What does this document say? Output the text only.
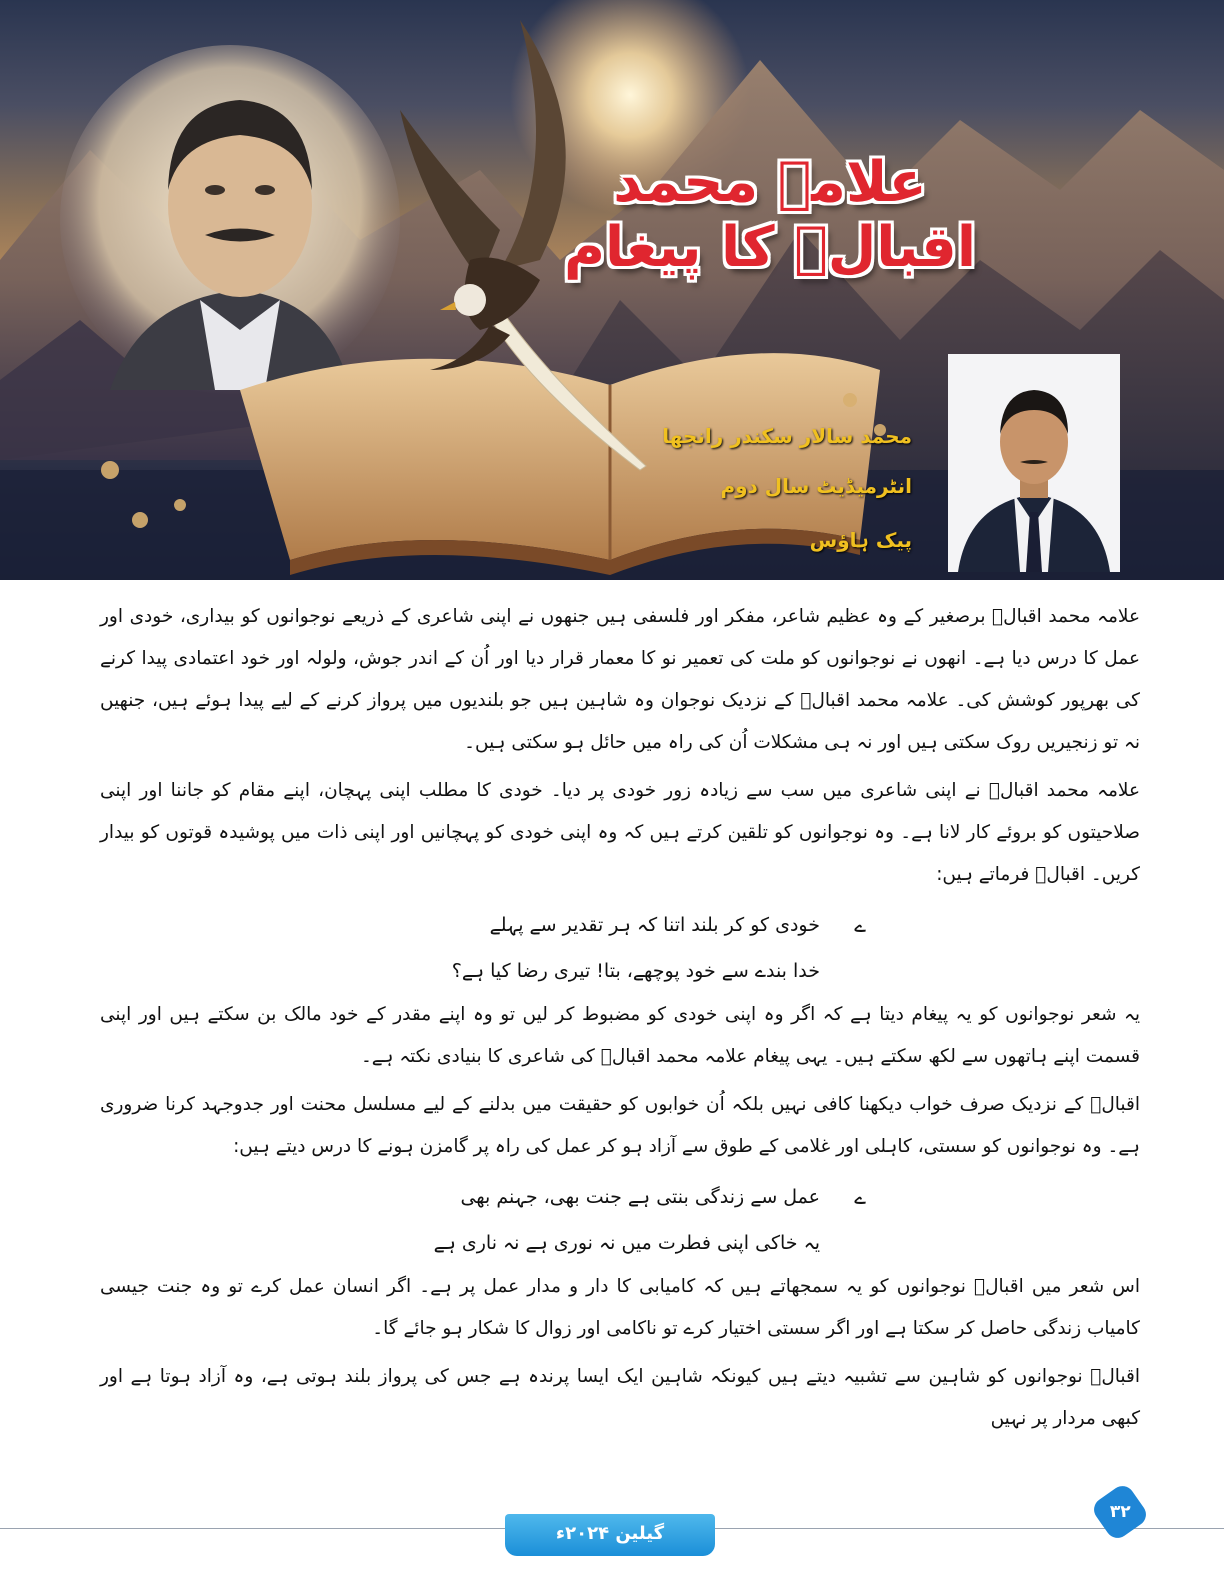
علامہ محمد اقبالؒ کا پیغام
محمد سالار سکندر رانجھا
انٹرمیڈیٹ سال دوم
پیک ہاؤس

علامہ محمد اقبالؒ برصغیر کے وہ عظیم شاعر، مفکر اور فلسفی ہیں جنھوں نے اپنی شاعری کے ذریعے نوجوانوں کو بیداری، خودی اور عمل کا درس دیا ہے۔ انھوں نے نوجوانوں کو ملت کی تعمیر نو کا معمار قرار دیا اور اُن کے اندر جوش، ولولہ اور خود اعتمادی پیدا کرنے کی بھرپور کوشش کی۔ علامہ محمد اقبالؒ کے نزدیک نوجوان وہ شاہین ہیں جو بلندیوں میں پرواز کرنے کے لیے پیدا ہوئے ہیں، جنھیں نہ تو زنجیریں روک سکتی ہیں اور نہ ہی مشکلات اُن کی راہ میں حائل ہو سکتی ہیں۔

علامہ محمد اقبالؒ نے اپنی شاعری میں سب سے زیادہ زور خودی پر دیا۔ خودی کا مطلب اپنی پہچان، اپنے مقام کو جاننا اور اپنی صلاحیتوں کو بروئے کار لانا ہے۔ وہ نوجوانوں کو تلقین کرتے ہیں کہ وہ اپنی خودی کو پہچانیں اور اپنی ذات میں پوشیدہ قوتوں کو بیدار کریں۔ اقبالؒ فرماتے ہیں:

ے
خودی کو کر بلند اتنا کہ ہر تقدیر سے پہلے
خدا بندے سے خود پوچھے، بتا! تیری رضا کیا ہے؟

یہ شعر نوجوانوں کو یہ پیغام دیتا ہے کہ اگر وہ اپنی خودی کو مضبوط کر لیں تو وہ اپنے مقدر کے خود مالک بن سکتے ہیں اور اپنی قسمت اپنے ہاتھوں سے لکھ سکتے ہیں۔ یہی پیغام علامہ محمد اقبالؒ کی شاعری کا بنیادی نکتہ ہے۔

اقبالؒ کے نزدیک صرف خواب دیکھنا کافی نہیں بلکہ اُن خوابوں کو حقیقت میں بدلنے کے لیے مسلسل محنت اور جدوجہد کرنا ضروری ہے۔ وہ نوجوانوں کو سستی، کاہلی اور غلامی کے طوق سے آزاد ہو کر عمل کی راہ پر گامزن ہونے کا درس دیتے ہیں:

ے
عمل سے زندگی بنتی ہے جنت بھی، جہنم بھی
یہ خاکی اپنی فطرت میں نہ نوری ہے نہ ناری ہے

اس شعر میں اقبالؒ نوجوانوں کو یہ سمجھاتے ہیں کہ کامیابی کا دار و مدار عمل پر ہے۔ اگر انسان عمل کرے تو وہ جنت جیسی کامیاب زندگی حاصل کر سکتا ہے اور اگر سستی اختیار کرے تو ناکامی اور زوال کا شکار ہو جائے گا۔

اقبالؒ نوجوانوں کو شاہین سے تشبیہ دیتے ہیں کیونکہ شاہین ایک ایسا پرندہ ہے جس کی پرواز بلند ہوتی ہے، وہ آزاد ہوتا ہے اور کبھی مردار پر نہیں

گیلین ۲۰۲۴ء
۳۲
